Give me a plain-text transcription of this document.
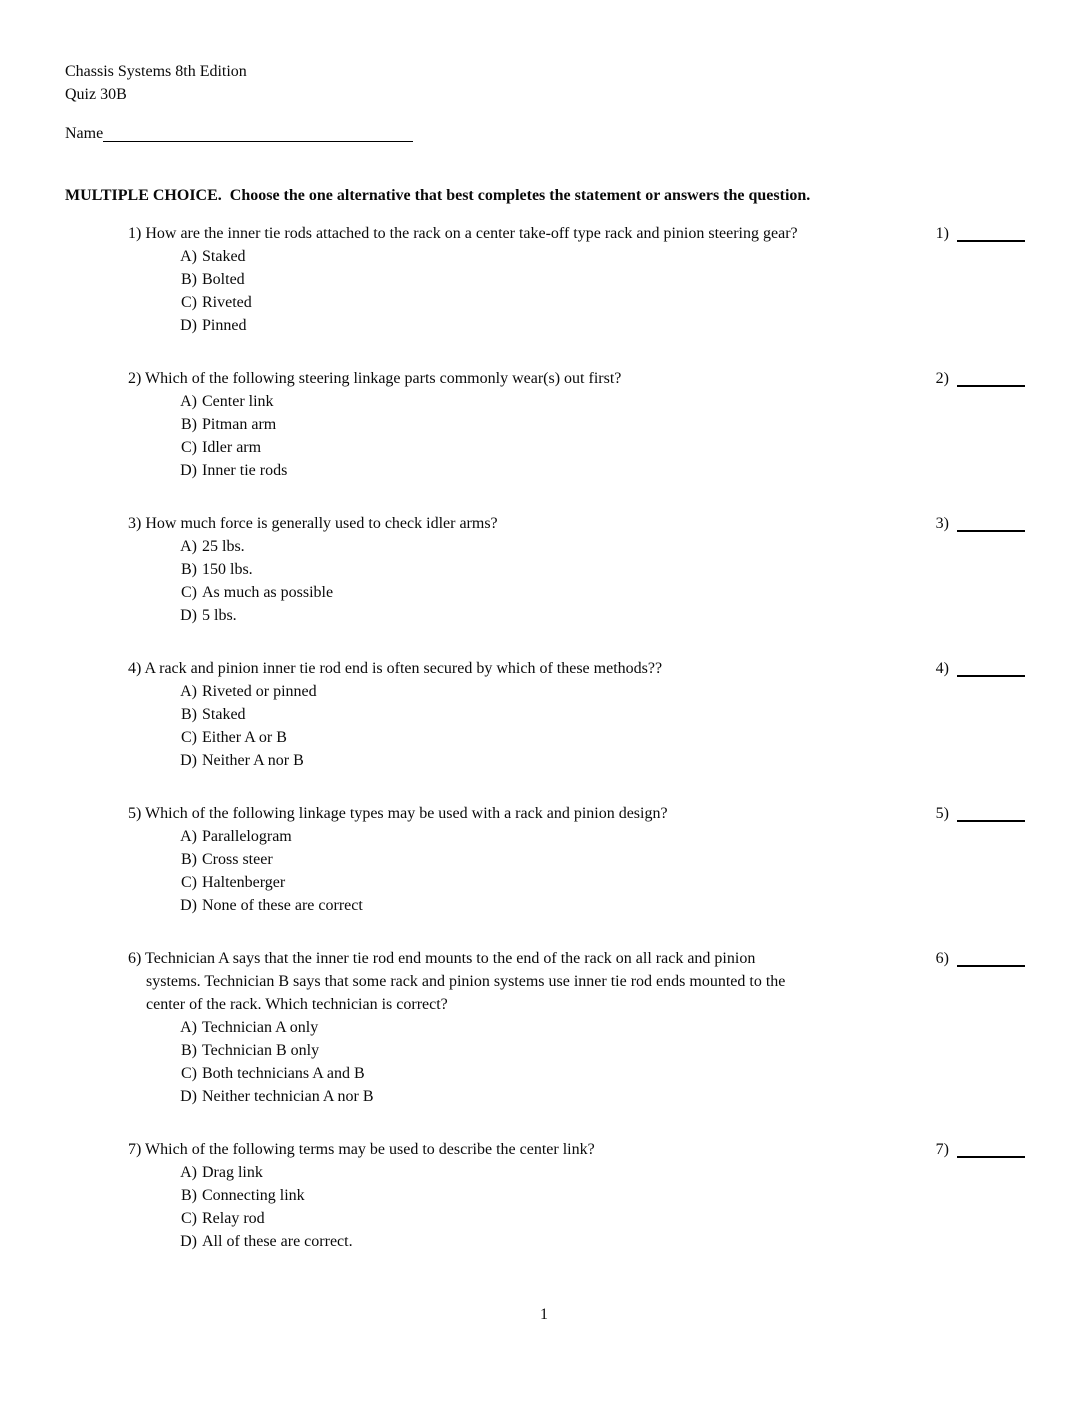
Chassis Systems 8th Edition
Quiz 30B
Name
MULTIPLE CHOICE.  Choose the one alternative that best completes the statement or answers the question.
1) How are the inner tie rods attached to the rack on a center take-off type rack and pinion steering gear?
A) Staked
B) Bolted
C) Riveted
D) Pinned
1)
2) Which of the following steering linkage parts commonly wear(s) out first?
A) Center link
B) Pitman arm
C) Idler arm
D) Inner tie rods
2)
3) How much force is generally used to check idler arms?
A) 25 lbs.
B) 150 lbs.
C) As much as possible
D) 5 lbs.
3)
4) A rack and pinion inner tie rod end is often secured by which of these methods??
A) Riveted or pinned
B) Staked
C) Either A or B
D) Neither A nor B
4)
5) Which of the following linkage types may be used with a rack and pinion design?
A) Parallelogram
B) Cross steer
C) Haltenberger
D) None of these are correct
5)
6) Technician A says that the inner tie rod end mounts to the end of the rack on all rack and pinion systems. Technician B says that some rack and pinion systems use inner tie rod ends mounted to the center of the rack. Which technician is correct?
A) Technician A only
B) Technician B only
C) Both technicians A and B
D) Neither technician A nor B
6)
7) Which of the following terms may be used to describe the center link?
A) Drag link
B) Connecting link
C) Relay rod
D) All of these are correct.
7)
1
